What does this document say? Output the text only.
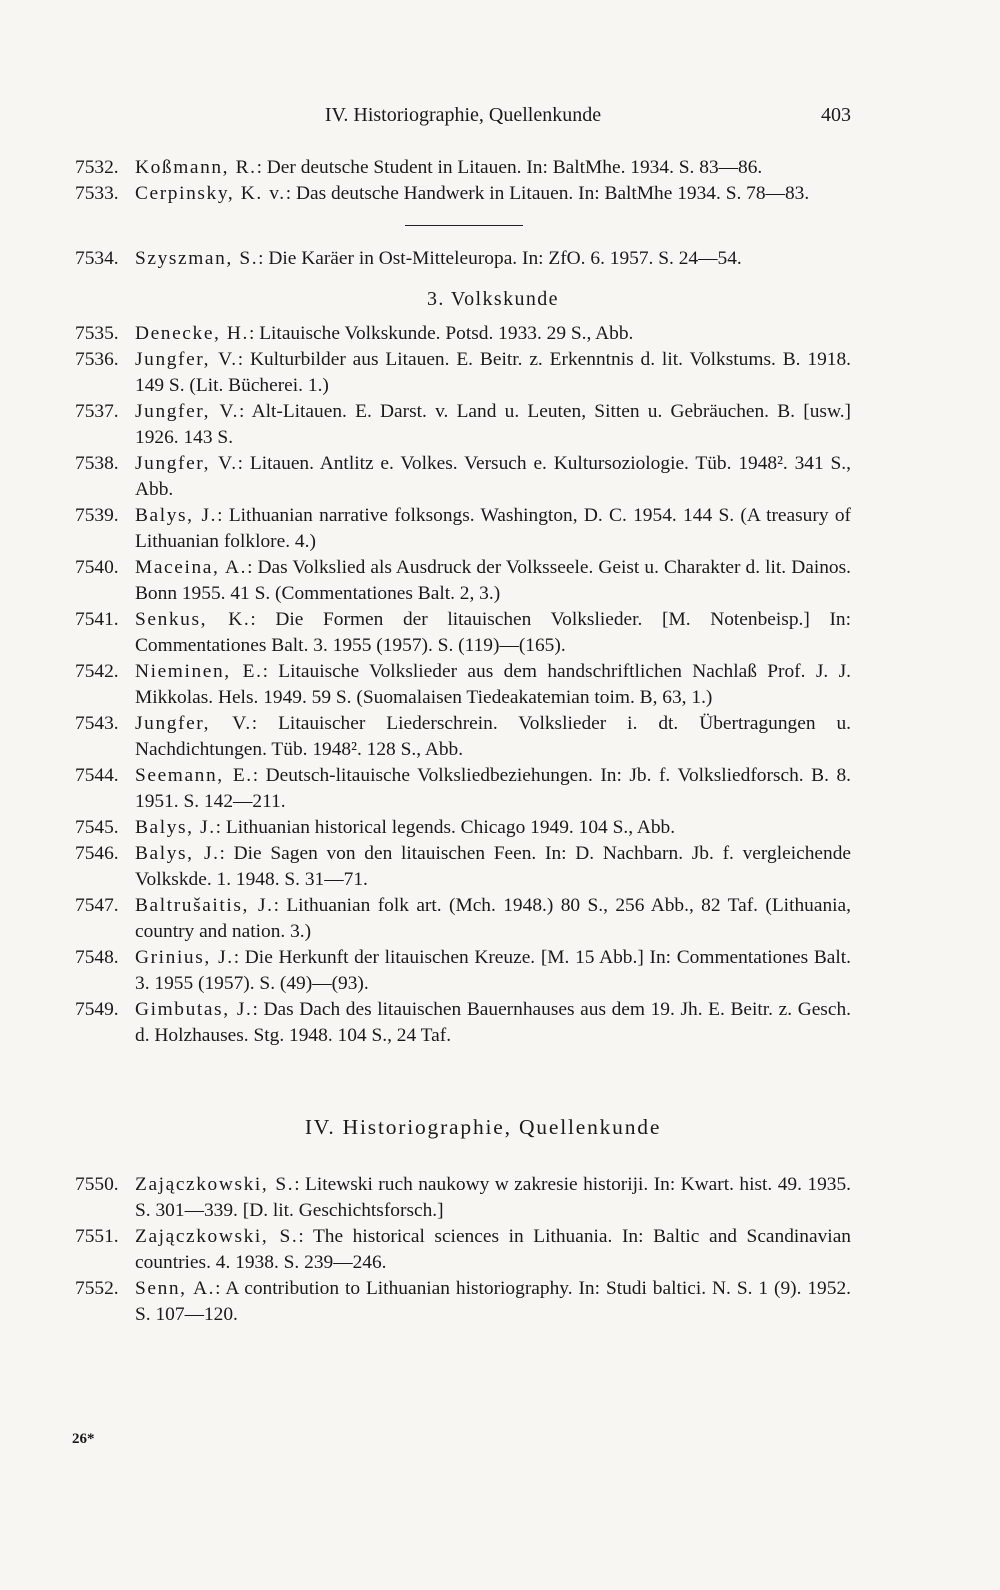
IV. Historiographie, Quellenkunde	403
7532. Koßmann, R.: Der deutsche Student in Litauen. In: BaltMhe. 1934. S. 83—86.
7533. Cerpinsky, K. v.: Das deutsche Handwerk in Litauen. In: BaltMhe 1934. S. 78—83.
7534. Szyszman, S.: Die Karäer in Ost-Mitteleuropa. In: ZfO. 6. 1957. S. 24—54.
3. Volkskunde
7535. Denecke, H.: Litauische Volkskunde. Potsd. 1933. 29 S., Abb.
7536. Jungfer, V.: Kulturbilder aus Litauen. E. Beitr. z. Erkenntnis d. lit. Volkstums. B. 1918. 149 S. (Lit. Bücherei. 1.)
7537. Jungfer, V.: Alt-Litauen. E. Darst. v. Land u. Leuten, Sitten u. Gebräuchen. B. [usw.] 1926. 143 S.
7538. Jungfer, V.: Litauen. Antlitz e. Volkes. Versuch e. Kultursoziologie. Tüb. 1948². 341 S., Abb.
7539. Balys, J.: Lithuanian narrative folksongs. Washington, D. C. 1954. 144 S. (A treasury of Lithuanian folklore. 4.)
7540. Maceina, A.: Das Volkslied als Ausdruck der Volksseele. Geist u. Charakter d. lit. Dainos. Bonn 1955. 41 S. (Commentationes Balt. 2, 3.)
7541. Senkus, K.: Die Formen der litauischen Volkslieder. [M. Notenbeisp.] In: Commentationes Balt. 3. 1955 (1957). S. (119)—(165).
7542. Nieminen, E.: Litauische Volkslieder aus dem handschriftlichen Nachlaß Prof. J. J. Mikkolas. Hels. 1949. 59 S. (Suomalaisen Tiedeakatemian toim. B, 63, 1.)
7543. Jungfer, V.: Litauischer Liederschrein. Volkslieder i. dt. Übertragungen u. Nachdichtungen. Tüb. 1948². 128 S., Abb.
7544. Seemann, E.: Deutsch-litauische Volksliedbeziehungen. In: Jb. f. Volksliedforsch. B. 8. 1951. S. 142—211.
7545. Balys, J.: Lithuanian historical legends. Chicago 1949. 104 S., Abb.
7546. Balys, J.: Die Sagen von den litauischen Feen. In: D. Nachbarn. Jb. f. vergleichende Volkskde. 1. 1948. S. 31—71.
7547. Baltrušaitis, J.: Lithuanian folk art. (Mch. 1948.) 80 S., 256 Abb., 82 Taf. (Lithuania, country and nation. 3.)
7548. Grinius, J.: Die Herkunft der litauischen Kreuze. [M. 15 Abb.] In: Commentationes Balt. 3. 1955 (1957). S. (49)—(93).
7549. Gimbutas, J.: Das Dach des litauischen Bauernhauses aus dem 19. Jh. E. Beitr. z. Gesch. d. Holzhauses. Stg. 1948. 104 S., 24 Taf.
IV. Historiographie, Quellenkunde
7550. Zajączkowski, S.: Litewski ruch naukowy w zakresie historiji. In: Kwart. hist. 49. 1935. S. 301—339. [D. lit. Geschichtsforsch.]
7551. Zajączkowski, S.: The historical sciences in Lithuania. In: Baltic and Scandinavian countries. 4. 1938. S. 239—246.
7552. Senn, A.: A contribution to Lithuanian historiography. In: Studi baltici. N. S. 1 (9). 1952. S. 107—120.
26*
